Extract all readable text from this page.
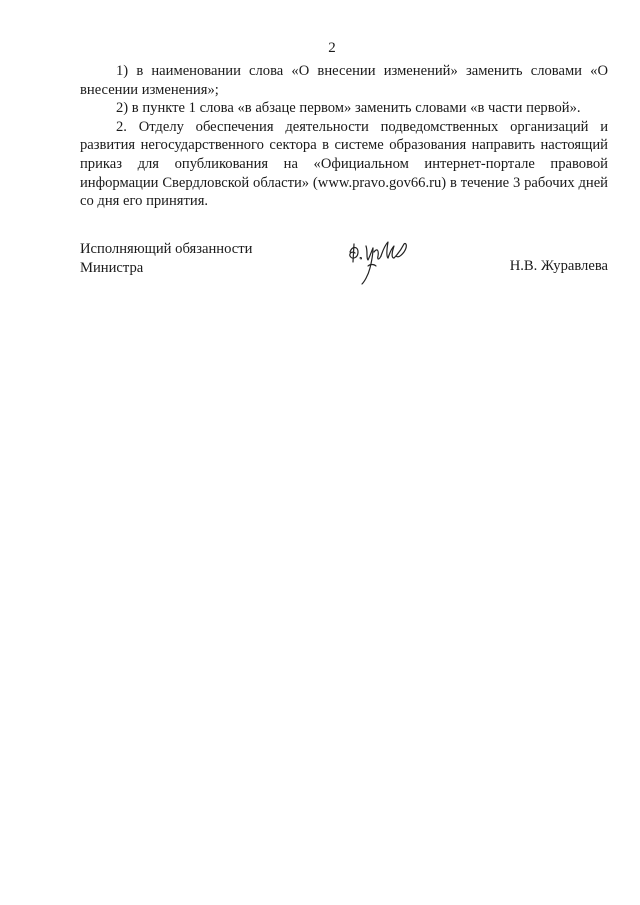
2

1) в наименовании слова «О внесении изменений» заменить словами «О внесении изменения»;

2) в пункте 1 слова «в абзаце первом» заменить словами «в части первой».

2. Отделу обеспечения деятельности подведомственных организаций и развития негосударственного сектора в системе образования направить настоящий приказ для опубликования на «Официальном интернет-портале правовой информации Свердловской области» (www.pravo.gov66.ru) в течение 3 рабочих дней со дня его принятия.

Исполняющий обязанности
Министра	Н.В. Журавлева
